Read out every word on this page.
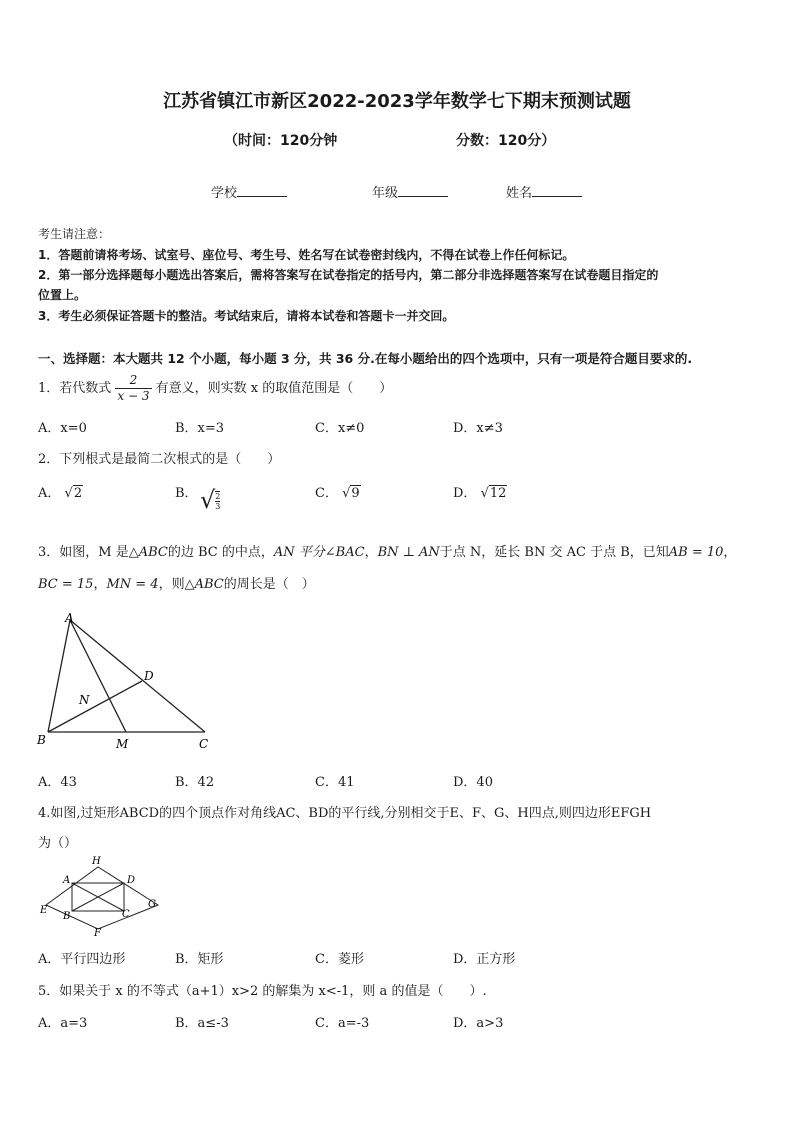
江苏省镇江市新区2022-2023学年数学七下期末预测试题
（时间：120分钟	分数：120分）
学校	年级	姓名
考生请注意：
1．答题前请将考场、试室号、座位号、考生号、姓名写在试卷密封线内，不得在试卷上作任何标记。
2．第一部分选择题每小题选出答案后，需将答案写在试卷指定的括号内，第二部分非选择题答案写在试卷题目指定的
位置上。
3．考生必须保证答题卡的整洁。考试结束后，请将本试卷和答题卡一并交回。
一、选择题：本大题共 12 个小题，每小题 3 分，共 36 分.在每小题给出的四个选项中，只有一项是符合题目要求的.
1．若代数式 $\frac{2}{x - 3}$ 有意义，则实数 x 的取值范围是（　　）
A．x=0	B．x=3	C．x≠0	D．x≠3
2．下列根式是最简二次根式的是（　　）
A． √2	B． √ $\frac{2}{3}$	C． √9	D． √12
3．如图，M 是△ABC的边 BC 的中点，AN 平分∠BAC，BN ⊥ AN于点 N，延长 BN 交 AC 于点 B，已知AB = 10，
BC = 15，MN = 4，则△ABC的周长是（　）
A
B	C
D
N
M
A．43	B．42	C．41	D．40
4.如图,过矩形ABCD的四个顶点作对角线AC、BD的平行线,分别相交于E、F、G、H四点,则四边形EFGH
为（）
H
A	D
E
G
B	C
F
A．平行四边形	B．矩形	C．菱形	D．正方形
5．如果关于 x 的不等式（a+1）x>2 的解集为 x<-1，则 a 的值是（　　）.
A．a=3	B．a≤-3	C．a=-3	D．a>3
